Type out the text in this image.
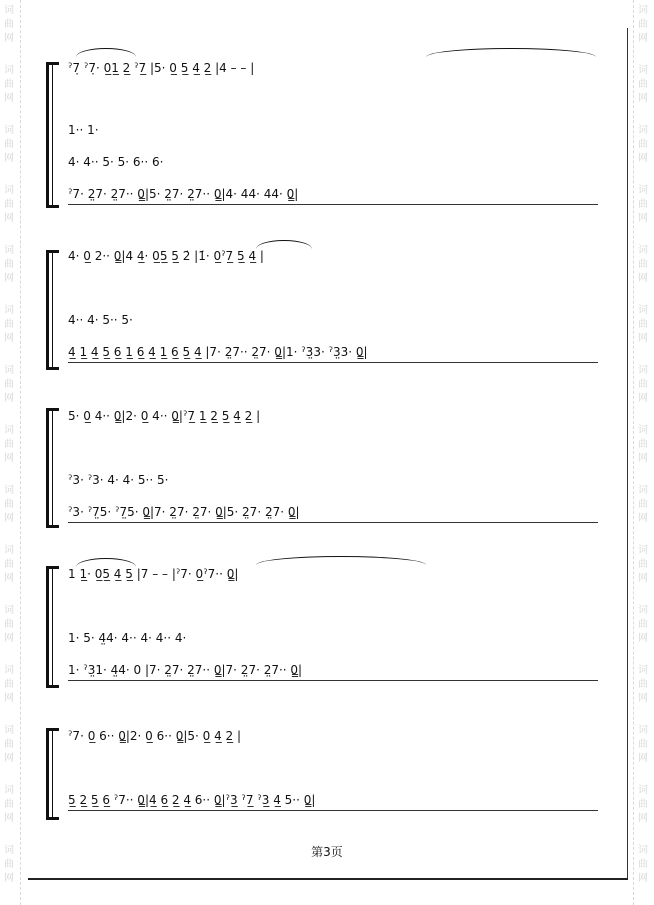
词
曲
网
词
曲
网
词
曲
网
词
曲
网
词
曲
网
词
曲
网
词
曲
网
词
曲
网
词
曲
网
词
曲
网
词
曲
网
词
曲
网
词
曲
网
词
曲
网
词
曲
网
词
曲
网
词
曲
网
词
曲
网
词
曲
网
词
曲
网
词
曲
网
词
曲
网
词
曲
网
词
曲
网
词
曲
网
词
曲
网
词
曲
网
词
曲
网
词
曲
网
词
曲
网
ˀ7̣ ˀ7̣· 0̲1̲ 2̲ ˀ7̲ |5· 0̲ 5̲ 4̲ 2̲ |4 – – |
1·· 1·
4· 4·· 5· 5· 6·· 6·
ˀ7· 2̤7· 2̤7·· 0̳|5· 2̤7· 2̤7·· 0̳|4· 44· 44· 0̳|
4· 0̲ 2·· 0̳|4 4̲· 0̲5̲ 5̲ 2̇ |1̇· 0̲ˀ7̲ 5̲ 4̲ |
4·· 4· 5·· 5·
4̲ 1̲ 4̲ 5̲ 6̲ 1̲ 6̲ 4̲ 1̲ 6̲ 5̲ 4̲ |7· 2̤7·· 2̤7· 0̳|1· ˀ3̤3· ˀ3̤3· 0̳|
5· 0̲ 4·· 0̳|2· 0̲ 4·· 0̳|ˀ7̲ 1̲ 2̲ 5̲ 4̲ 2̲ |
ˀ3· ˀ3· 4· 4· 5·· 5·
ˀ3· ˀ7̤5· ˀ7̤5· 0̳|7· 2̤7· 2̤7· 0̳|5· 2̤7· 2̤7· 0̳|
1 1̲· 0̲5̲ 4̲ 5̲ |7 – – |ˀ7· 0̲ˀ7·· 0̳|
1· 5· 4̤4· 4·· 4· 4·· 4·
1· ˀ3̤1· 4̤4· 0 |7· 2̤7· 2̤7·· 0̳|7· 2̤7· 2̤7·· 0̳|
ˀ7· 0̲ 6·· 0̳|2· 0̲ 6·· 0̳|5· 0̲ 4̲ 2̲ |
5̲ 2̲ 5̲ 6̲ ˀ7·· 0̳|4̲ 6̲ 2̲ 4̲ 6·· 0̳|ˀ3̲ ˀ7̲ ˀ3̲ 4̲ 5·· 0̳|
第3页
